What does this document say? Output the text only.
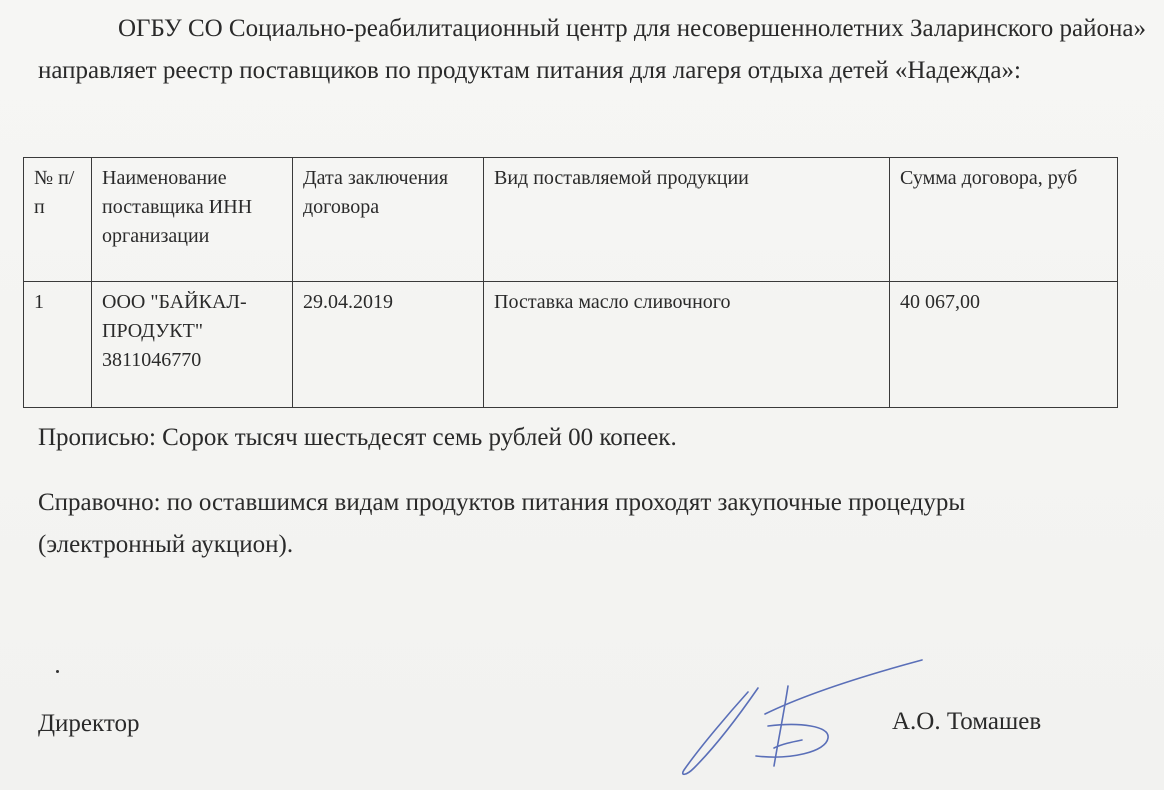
ОГБУ СО Социально-реабилитационный центр для несовершеннолетних Заларинского района» направляет реестр поставщиков по продуктам питания для лагеря отдыха детей «Надежда»:

№ п/п	Наименование поставщика ИНН организации	Дата заключения договора	Вид поставляемой продукции	Сумма договора, руб
1	ООО "БАЙКАЛ-ПРОДУКТ" 3811046770	29.04.2019	Поставка масло сливочного	40 067,00

Прописью: Сорок тысяч шестьдесят семь рублей 00 копеек.

Справочно: по оставшимся видам продуктов питания проходят закупочные процедуры (электронный аукцион).

Директор	А.О. Томашев
